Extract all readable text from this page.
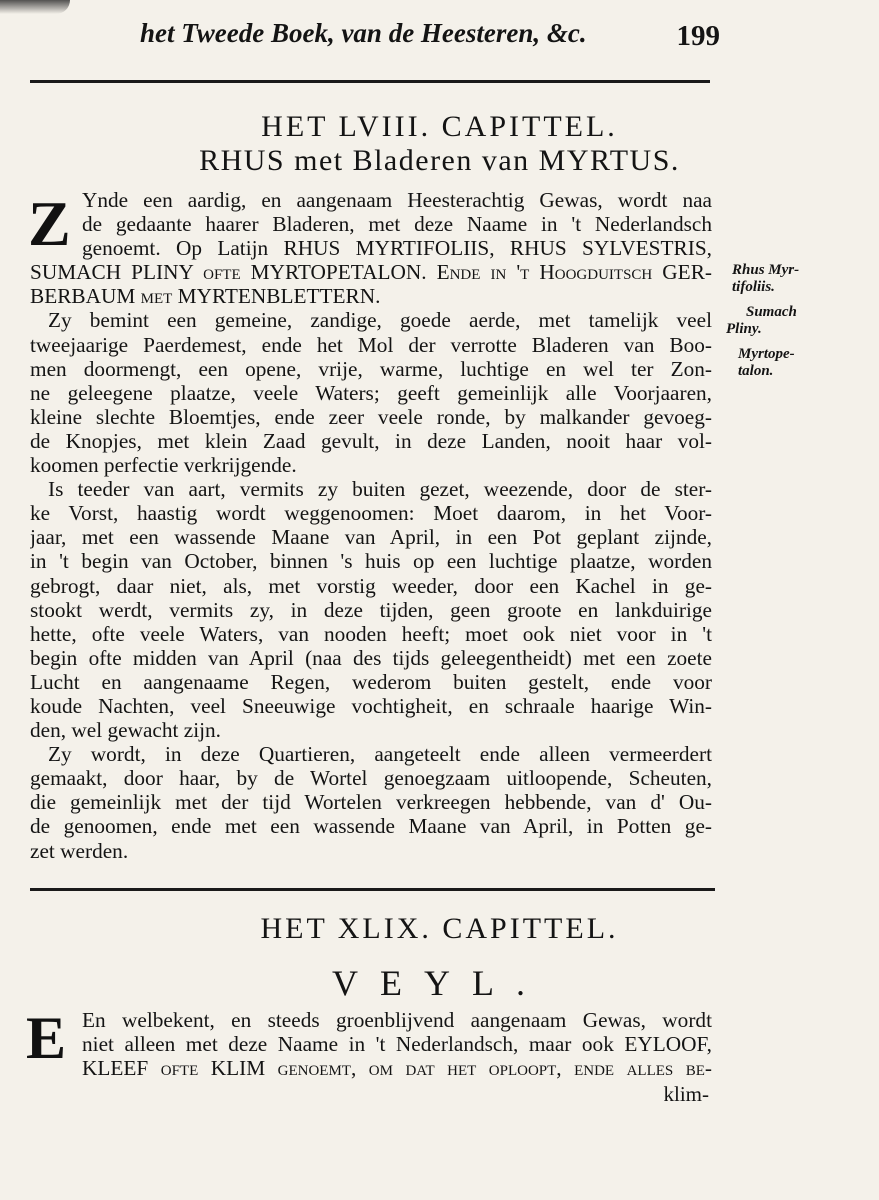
het Tweede Boek, van de Heesteren, &c.	199
HET LVIII. CAPITTEL.
RHUS met Bladeren van MYRTUS.
Z Ynde een aardig, en aangenaam Heesterachtig Gewas, wordt naa
de gedaante haarer Bladeren, met deze Naame in 't Nederlandsch
genoemt. Op Latijn RHUS MYRTIFOLIIS, RHUS SYLVESTRIS,
SUMACH PLINY ofte MYRTOPETALON. Ende in 't Hoogduitsch GER-
BERBAUM met MYRTENBLETTERN.
Zy bemint een gemeine, zandige, goede aerde, met tamelijk veel
tweejaarige Paerdemest, ende het Mol der verrotte Bladeren van Boo-
men doormengt, een opene, vrije, warme, luchtige en wel ter Zon-
ne geleegene plaatze, veele Waters; geeft gemeinlijk alle Voorjaaren,
kleine slechte Bloemtjes, ende zeer veele ronde, by malkander gevoeg-
de Knopjes, met klein Zaad gevult, in deze Landen, nooit haar vol-
koomen perfectie verkrijgende.
Is teeder van aart, vermits zy buiten gezet, weezende, door de ster-
ke Vorst, haastig wordt weggenoomen: Moet daarom, in het Voor-
jaar, met een wassende Maane van April, in een Pot geplant zijnde,
in 't begin van October, binnen 's huis op een luchtige plaatze, worden
gebrogt, daar niet, als, met vorstig weeder, door een Kachel in ge-
stookt werdt, vermits zy, in deze tijden, geen groote en lankduirige
hette, ofte veele Waters, van nooden heeft; moet ook niet voor in 't
begin ofte midden van April (naa des tijds geleegentheidt) met een zoete
Lucht en aangenaame Regen, wederom buiten gestelt, ende voor
koude Nachten, veel Sneeuwige vochtigheit, en schraale haarige Win-
den, wel gewacht zijn.
Zy wordt, in deze Quartieren, aangeteelt ende alleen vermeerdert
gemaakt, door haar, by de Wortel genoegzaam uitloopende, Scheuten,
die gemeinlijk met der tijd Wortelen verkreegen hebbende, van d' Ou-
de genoomen, ende met een wassende Maane van April, in Potten ge-
zet werden.
Rhus Myr-
tifoliis.
Sumach
Pliny.
Myrtope-
talon.
HET XLIX. CAPITTEL.
VEYL.
E En welbekent, en steeds groenblijvend aangenaam Gewas, wordt
niet alleen met deze Naame in 't Nederlandsch, maar ook EYLOOF,
KLEEF ofte KLIM genoemt, om dat het oploopt, ende alles be-
klim-
